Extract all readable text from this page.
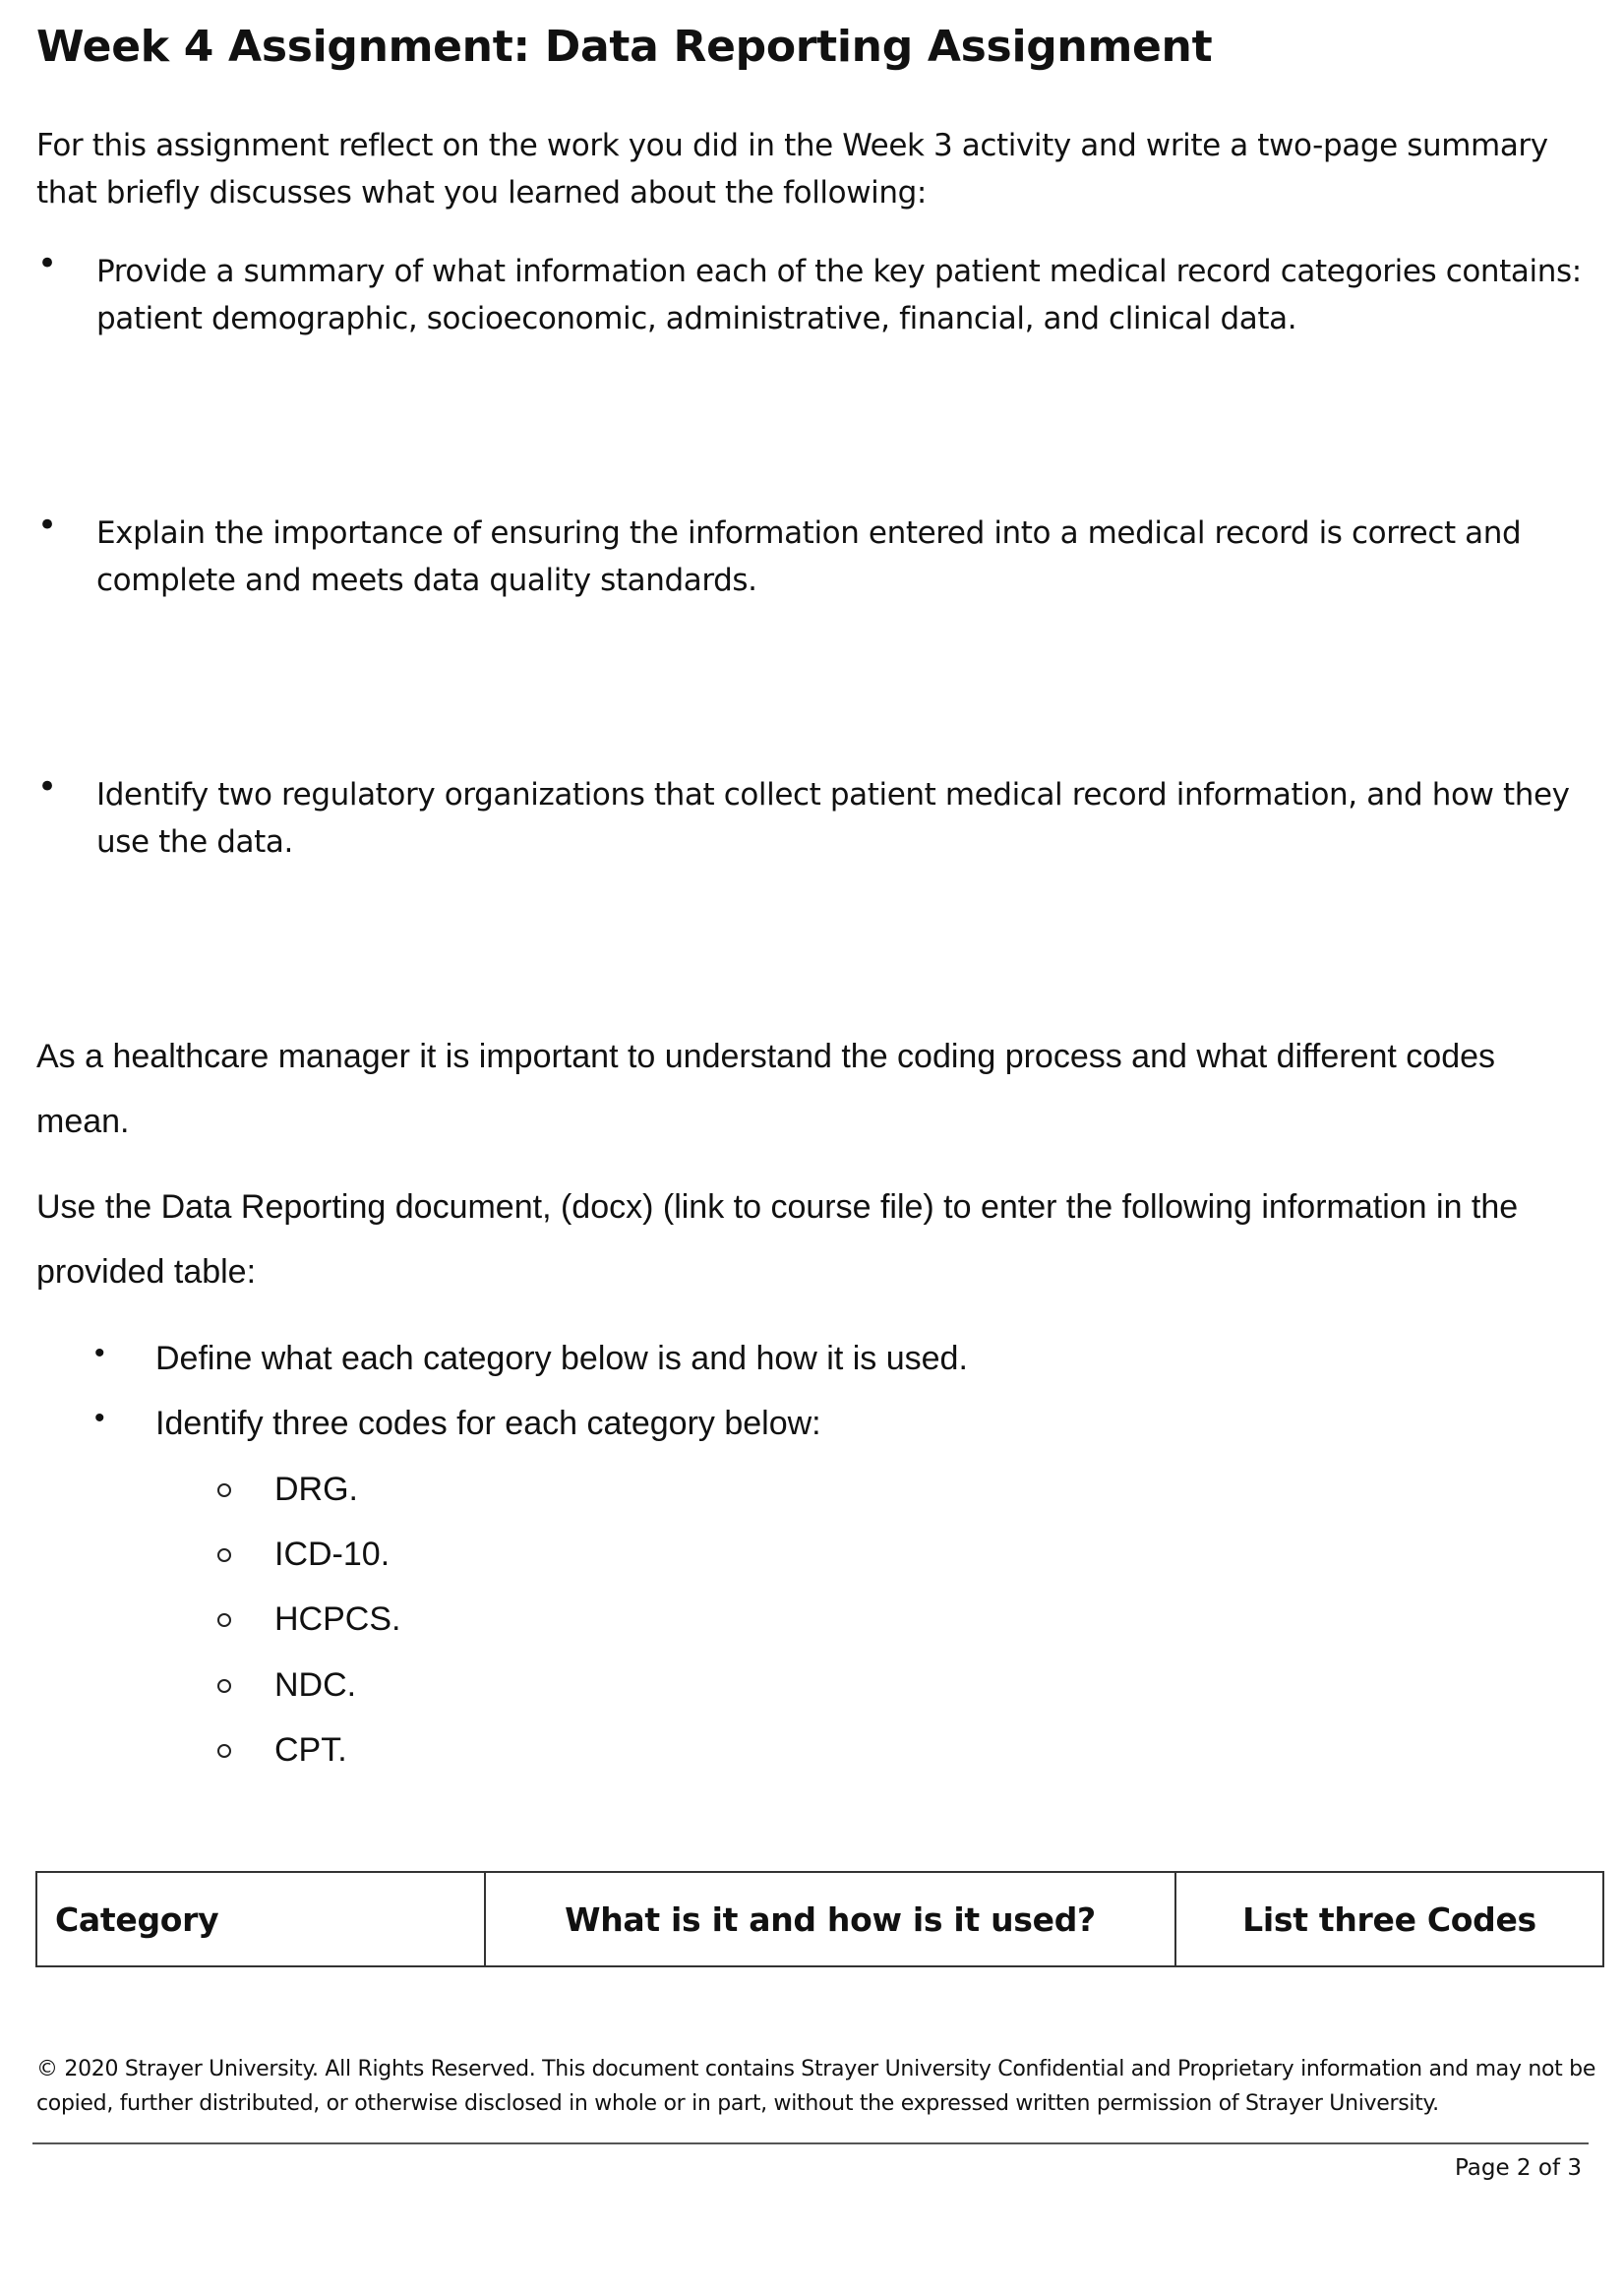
Week 4 Assignment: Data Reporting Assignment
For this assignment reflect on the work you did in the Week 3 activity and write a two-page summary that briefly discusses what you learned about the following:
• Provide a summary of what information each of the key patient medical record categories contains: patient demographic, socioeconomic, administrative, financial, and clinical data.
• Explain the importance of ensuring the information entered into a medical record is correct and complete and meets data quality standards.
• Identify two regulatory organizations that collect patient medical record information, and how they use the data.
As a healthcare manager it is important to understand the coding process and what different codes mean.
Use the Data Reporting document, (docx) (link to course file) to enter the following information in the provided table:
• Define what each category below is and how it is used.
• Identify three codes for each category below:
DRG.
ICD-10.
HCPCS.
NDC.
CPT.
Category	What is it and how is it used?	List three Codes
© 2020 Strayer University. All Rights Reserved. This document contains Strayer University Confidential and Proprietary information and may not be copied, further distributed, or otherwise disclosed in whole or in part, without the expressed written permission of Strayer University.
Page 2 of 3
